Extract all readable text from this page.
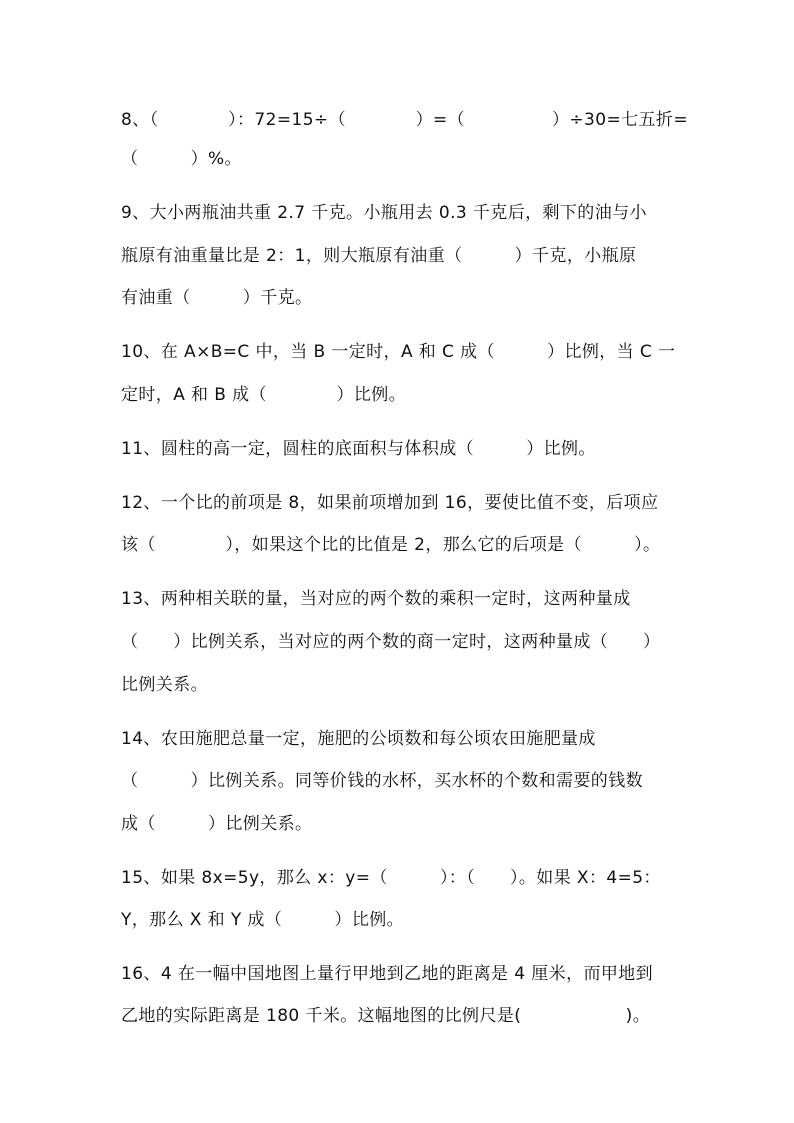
8、（　　　　）：72=15÷（　　　　）=（　　　　　）÷30=七五折=
（　　　）%。
9、大小两瓶油共重 2.7 千克。小瓶用去 0.3 千克后，剩下的油与小
瓶原有油重量比是 2：1，则大瓶原有油重（　　　）千克，小瓶原
有油重（　　　）千克。
10、在 A×B=C 中，当 B 一定时，A 和 C 成（　　　）比例，当 C 一
定时，A 和 B 成（　　　　）比例。
11、圆柱的高一定，圆柱的底面积与体积成（　　　）比例。
12、一个比的前项是 8，如果前项增加到 16，要使比值不变，后项应
该（　　　　），如果这个比的比值是 2，那么它的后项是（　　　）。
13、两种相关联的量，当对应的两个数的乘积一定时，这两种量成
（　　）比例关系，当对应的两个数的商一定时，这两种量成（　　）
比例关系。
14、农田施肥总量一定，施肥的公顷数和每公顷农田施肥量成
（　　　）比例关系。同等价钱的水杯，买水杯的个数和需要的钱数
成（　　　）比例关系。
15、如果 8x=5y，那么 x：y=（　　　）：（　　）。如果 X：4=5：
Y，那么 X 和 Y 成（　　　）比例。
16、4 在一幅中国地图上量行甲地到乙地的距离是 4 厘米，而甲地到
乙地的实际距离是 180 千米。这幅地图的比例尺是(　　　　　　)。
